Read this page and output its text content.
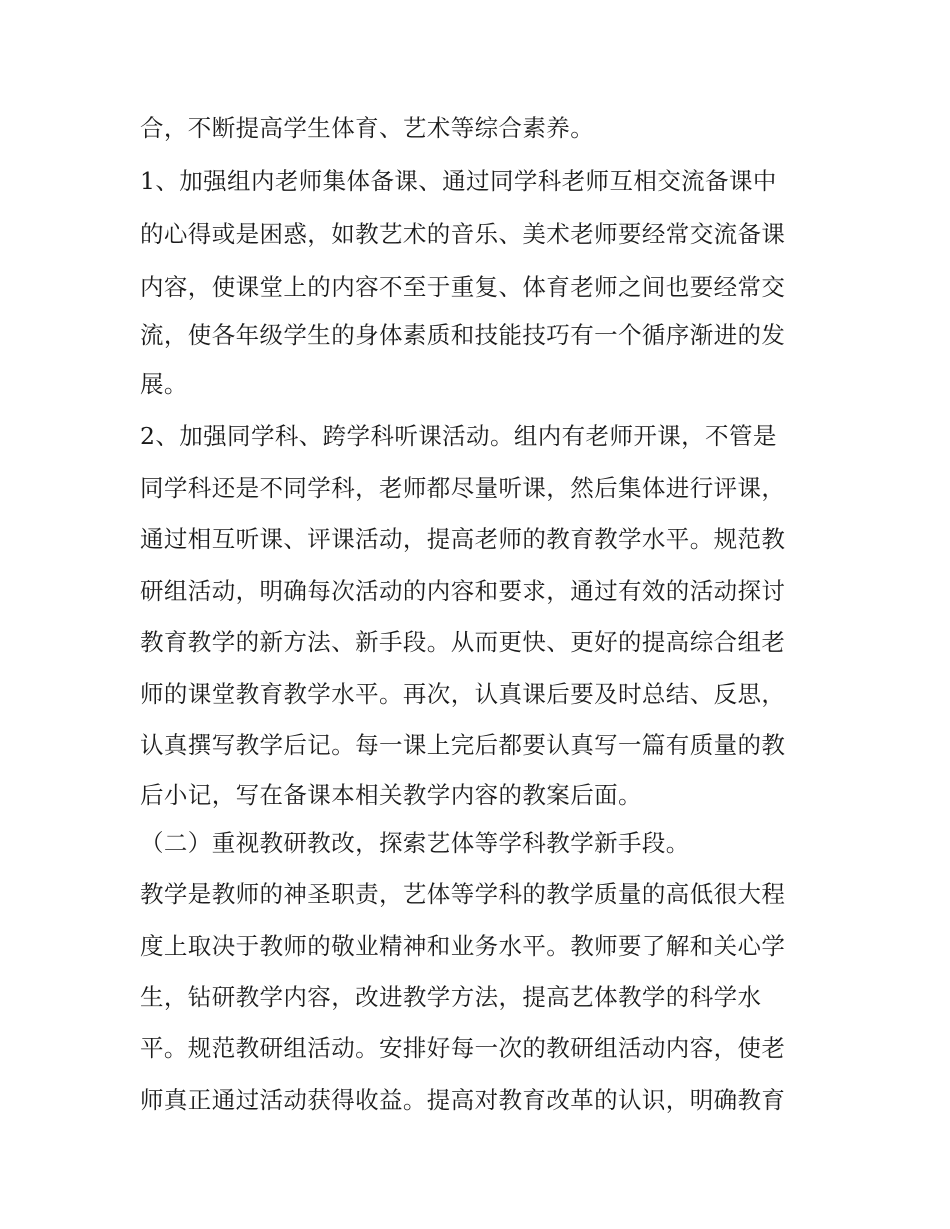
合，不断提高学生体育、艺术等综合素养。
1、加强组内老师集体备课、通过同学科老师互相交流备课中
的心得或是困惑，如教艺术的音乐、美术老师要经常交流备课
内容，使课堂上的内容不至于重复、体育老师之间也要经常交
流，使各年级学生的身体素质和技能技巧有一个循序渐进的发
展。
2、加强同学科、跨学科听课活动。组内有老师开课，不管是
同学科还是不同学科，老师都尽量听课，然后集体进行评课，
通过相互听课、评课活动，提高老师的教育教学水平。规范教
研组活动，明确每次活动的内容和要求，通过有效的活动探讨
教育教学的新方法、新手段。从而更快、更好的提高综合组老
师的课堂教育教学水平。再次，认真课后要及时总结、反思，
认真撰写教学后记。每一课上完后都要认真写一篇有质量的教
后小记，写在备课本相关教学内容的教案后面。
（二）重视教研教改，探索艺体等学科教学新手段。
教学是教师的神圣职责，艺体等学科的教学质量的高低很大程
度上取决于教师的敬业精神和业务水平。教师要了解和关心学
生，钻研教学内容，改进教学方法，提高艺体教学的科学水
平。规范教研组活动。安排好每一次的教研组活动内容，使老
师真正通过活动获得收益。提高对教育改革的认识，明确教育
